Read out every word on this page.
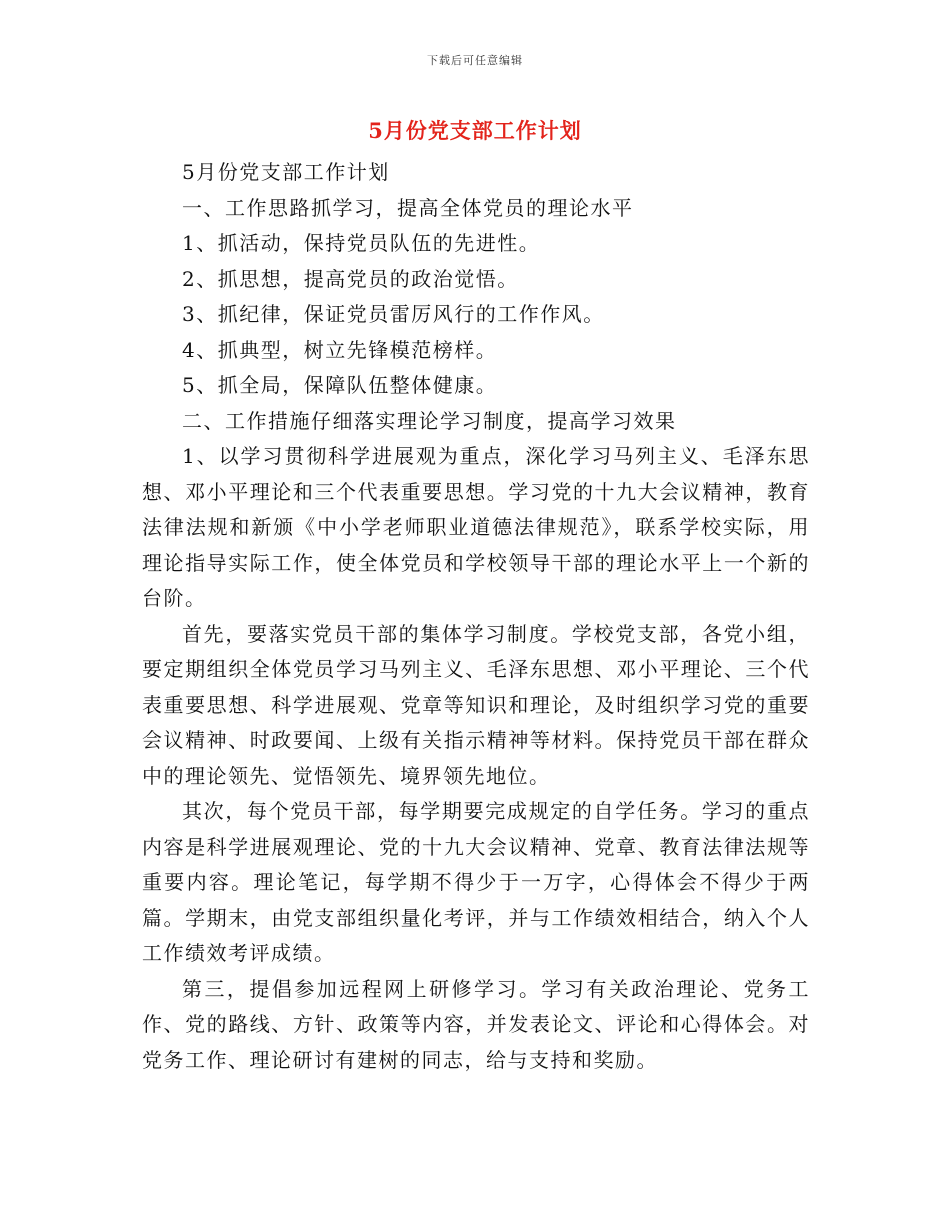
下载后可任意编辑
5月份党支部工作计划

5月份党支部工作计划

一、工作思路抓学习，提高全体党员的理论水平

1、抓活动，保持党员队伍的先进性。

2、抓思想，提高党员的政治觉悟。

3、抓纪律，保证党员雷厉风行的工作作风。

4、抓典型，树立先锋模范榜样。

5、抓全局，保障队伍整体健康。

二、工作措施仔细落实理论学习制度，提高学习效果

1、以学习贯彻科学进展观为重点，深化学习马列主义、毛泽东思想、邓小平理论和三个代表重要思想。学习党的十九大会议精神，教育法律法规和新颁《中小学老师职业道德法律规范》，联系学校实际，用理论指导实际工作，使全体党员和学校领导干部的理论水平上一个新的台阶。

首先，要落实党员干部的集体学习制度。学校党支部，各党小组，要定期组织全体党员学习马列主义、毛泽东思想、邓小平理论、三个代表重要思想、科学进展观、党章等知识和理论，及时组织学习党的重要会议精神、时政要闻、上级有关指示精神等材料。保持党员干部在群众中的理论领先、觉悟领先、境界领先地位。

其次，每个党员干部，每学期要完成规定的自学任务。学习的重点内容是科学进展观理论、党的十九大会议精神、党章、教育法律法规等重要内容。理论笔记，每学期不得少于一万字，心得体会不得少于两篇。学期末，由党支部组织量化考评，并与工作绩效相结合，纳入个人工作绩效考评成绩。

第三，提倡参加远程网上研修学习。学习有关政治理论、党务工作、党的路线、方针、政策等内容，并发表论文、评论和心得体会。对党务工作、理论研讨有建树的同志，给与支持和奖励。
